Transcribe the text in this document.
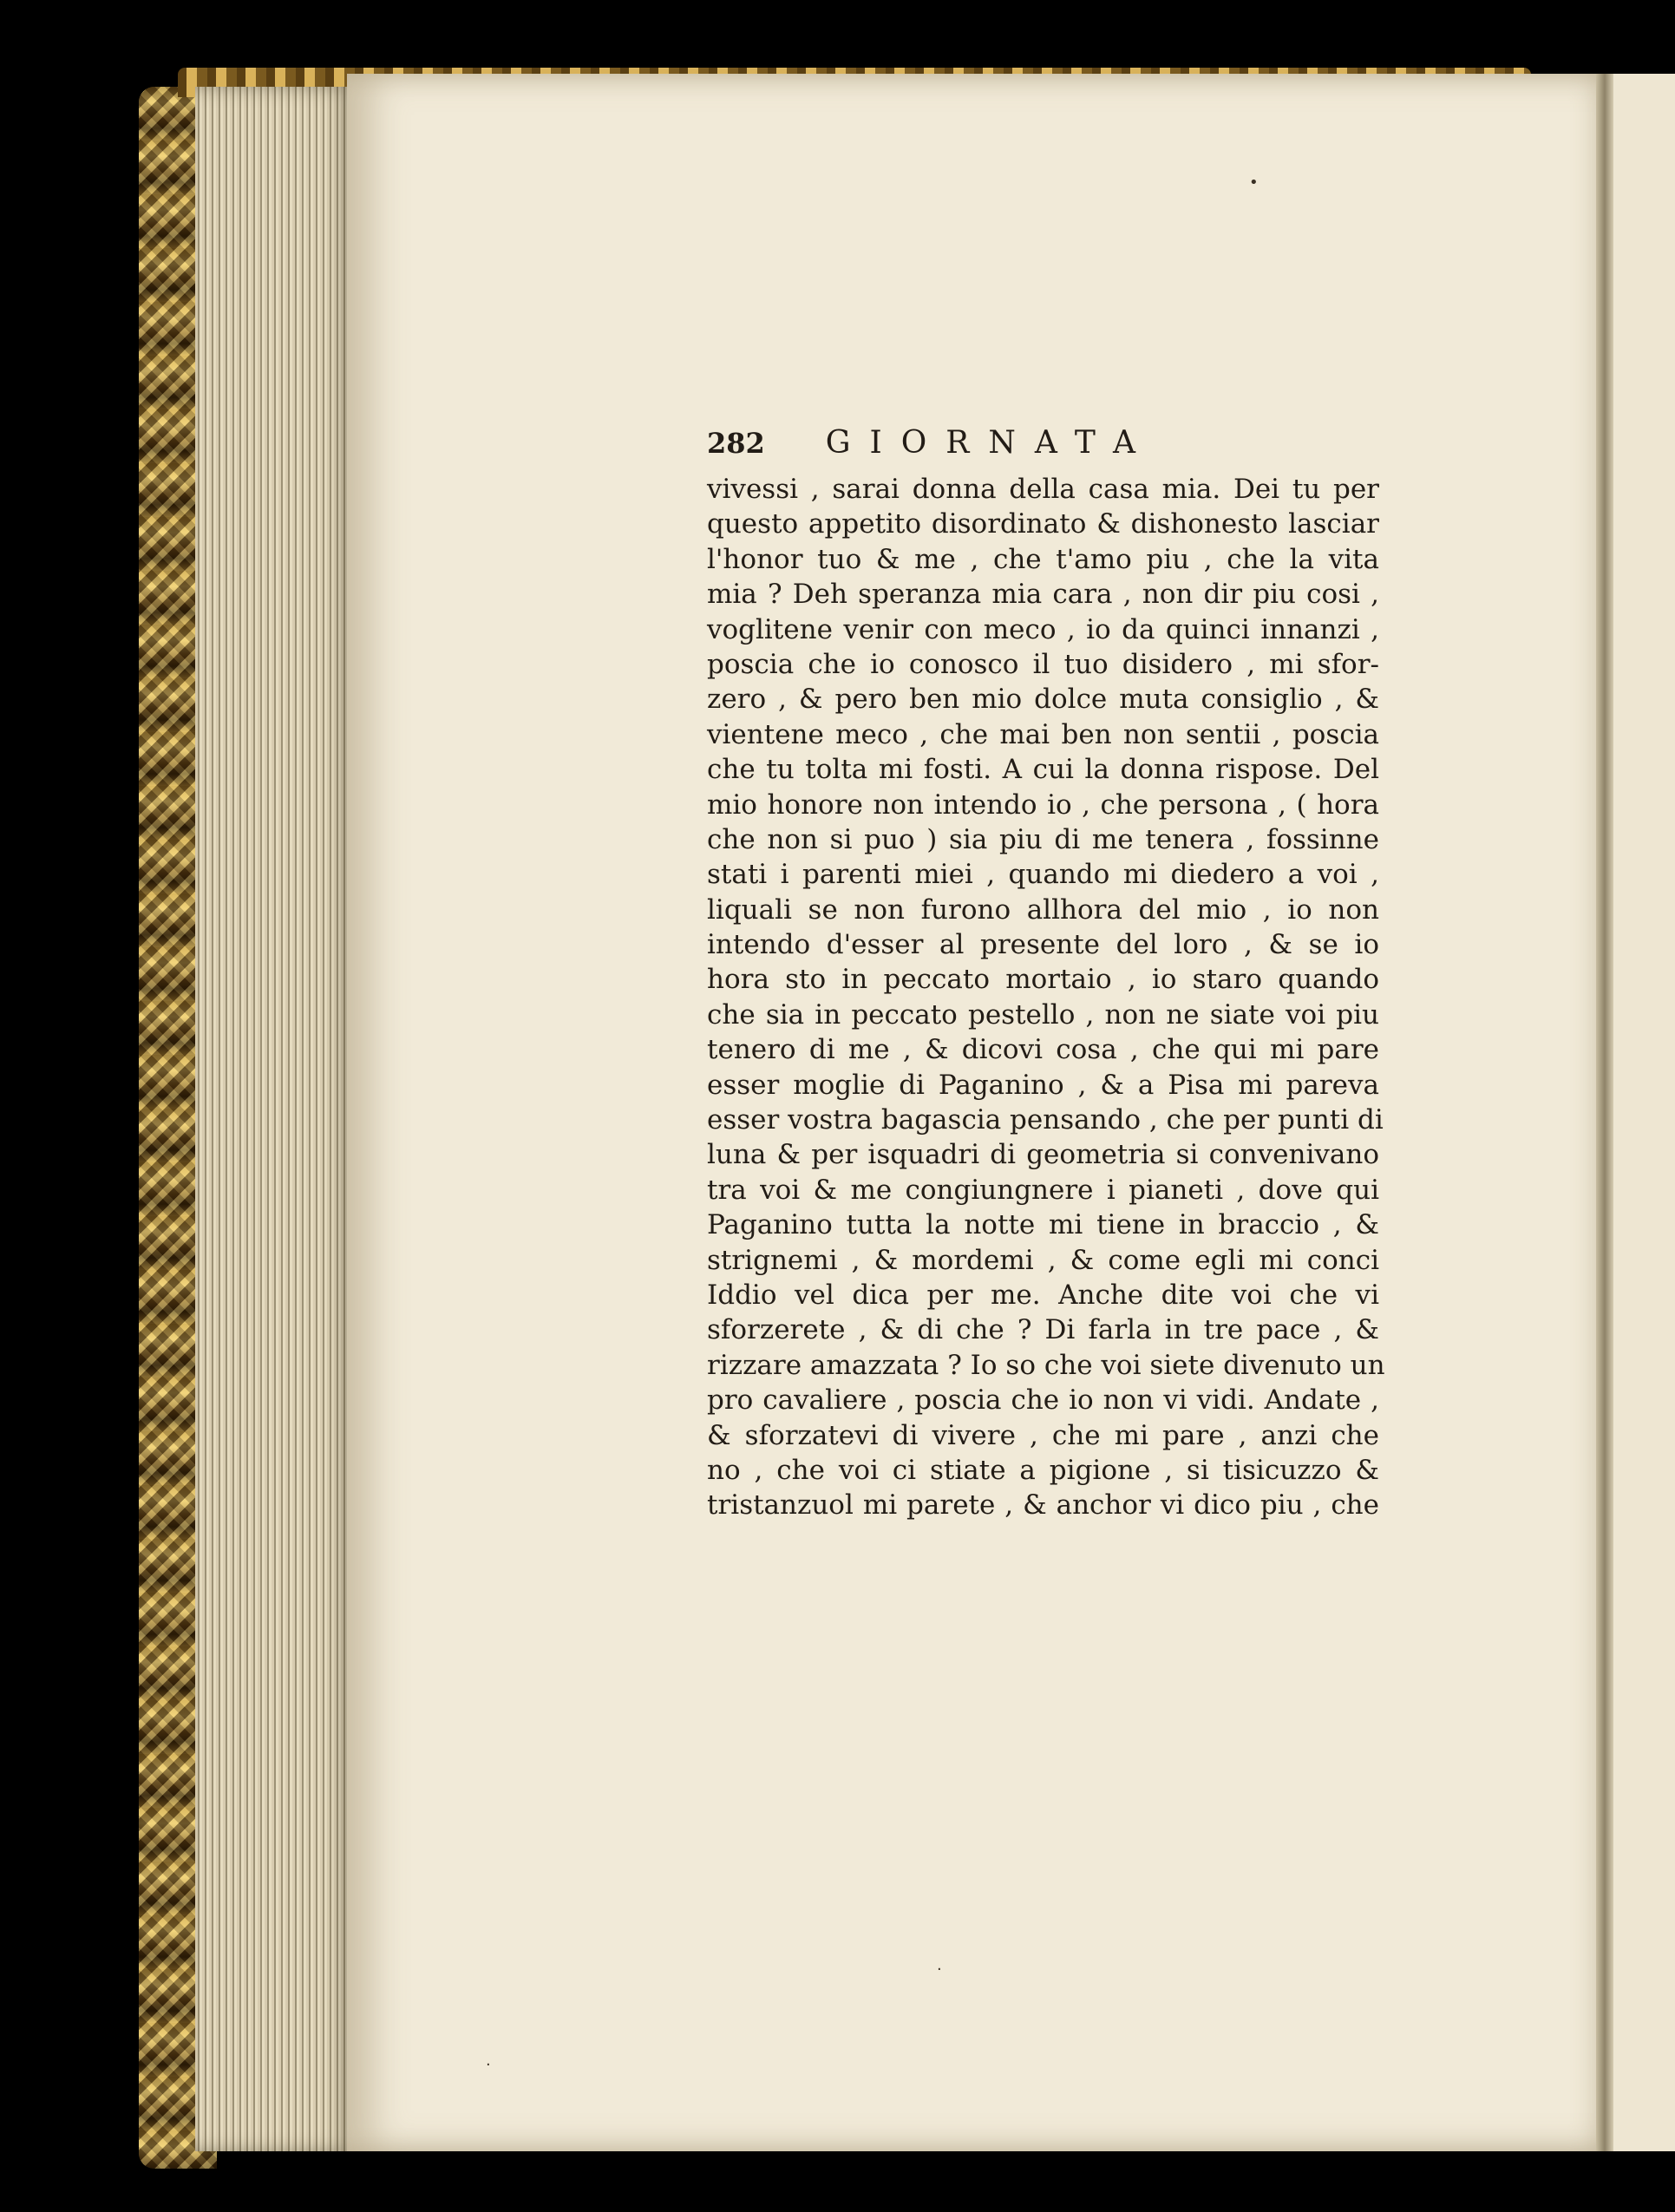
•
·
·
282 GIORNATA
vivessi , sarai donna della casa mia. Dei tu per
questo appetito disordinato & dishonesto lasciar
l'honor tuo & me , che t'amo piu , che la vita
mia ? Deh speranza mia cara , non dir piu cosi ,
voglitene venir con meco , io da quinci innanzi ,
poscia che io conosco il tuo disidero , mi sfor-
zero , & pero ben mio dolce muta consiglio , &
vientene meco , che mai ben non sentii , poscia
che tu tolta mi fosti. A cui la donna rispose. Del
mio honore non intendo io , che persona , ( hora
che non si puo ) sia piu di me tenera , fossinne
stati i parenti miei , quando mi diedero a voi ,
liquali se non furono allhora del mio , io non
intendo d'esser al presente del loro , & se io
hora sto in peccato mortaio , io staro quando
che sia in peccato pestello , non ne siate voi piu
tenero di me , & dicovi cosa , che qui mi pare
esser moglie di Paganino , & a Pisa mi pareva
esser vostra bagascia pensando , che per punti di
luna & per isquadri di geometria si convenivano
tra voi & me congiungnere i pianeti , dove qui
Paganino tutta la notte mi tiene in braccio , &
strignemi , & mordemi , & come egli mi conci
Iddio vel dica per me. Anche dite voi che vi
sforzerete , & di che ? Di farla in tre pace , &
rizzare amazzata ? Io so che voi siete divenuto un
pro cavaliere , poscia che io non vi vidi. Andate ,
& sforzatevi di vivere , che mi pare , anzi che
no , che voi ci stiate a pigione , si tisicuzzo &
tristanzuol mi parete , & anchor vi dico piu , che
